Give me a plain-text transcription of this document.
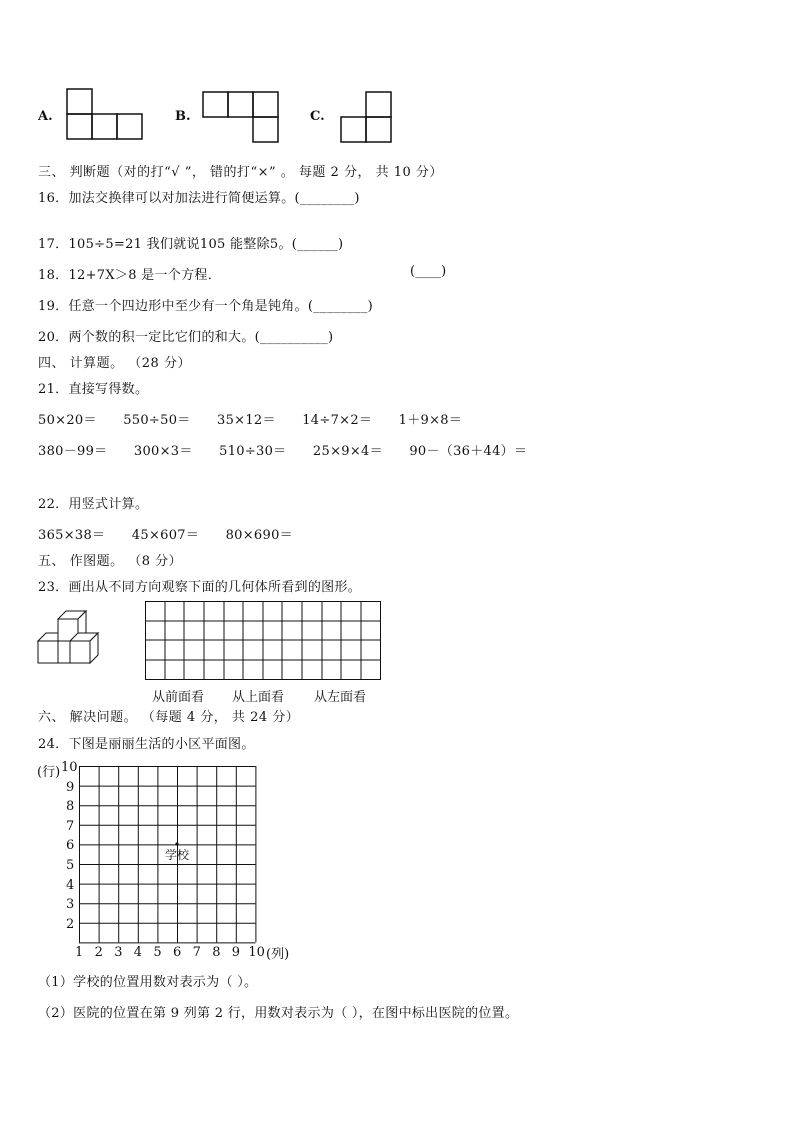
A.	B.	C.
三、 判断题（对的打“√ ”， 错的打“×” 。 每题 2 分， 共 10 分）
16．加法交换律可以对加法进行简便运算。(________)
17．105÷5=21 我们就说105 能整除5。(______)
18．12+7X＞8 是一个方程．	(____)
19．任意一个四边形中至少有一个角是钝角。(________)
20．两个数的积一定比它们的和大。(__________)
四、 计算题。 （28 分）
21．直接写得数。
50×20＝ 550÷50＝ 35×12＝ 14÷7×2＝ 1＋9×8＝
380－99＝ 300×3＝ 510÷30＝ 25×9×4＝ 90－（36＋44）＝
22．用竖式计算。
365×38＝ 45×607＝ 80×690＝
五、 作图题。 （8 分）
23．画出从不同方向观察下面的几何体所看到的图形。
从前面看 从上面看 从左面看
六、 解决问题。 （每题 4 分， 共 24 分）
24．下图是丽丽生活的小区平面图。
(行)
学校
10
9
8
7
6
5
4
3
2
1 2 3 4 5 6 7 8 9 10 (列)
（1）学校的位置用数对表示为（ ）。
（2）医院的位置在第 9 列第 2 行，用数对表示为（ ），在图中标出医院的位置。
